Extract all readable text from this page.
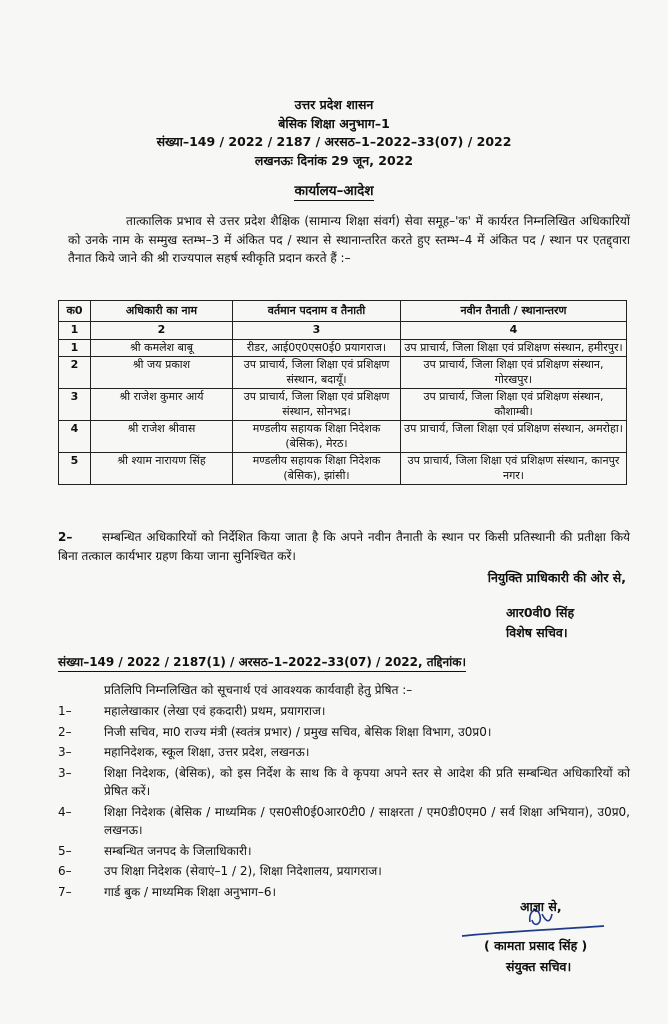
उत्तर प्रदेश शासन
बेसिक शिक्षा अनुभाग–1
संख्या–149 / 2022 / 2187 / अरसठ–1–2022–33(07) / 2022
लखनऊः दिनांक 29 जून, 2022
कार्यालय–आदेश
तात्कालिक प्रभाव से उत्तर प्रदेश शैक्षिक (सामान्य शिक्षा संवर्ग) सेवा समूह–'क' में कार्यरत निम्नलिखित अधिकारियों को उनके नाम के सम्मुख स्तम्भ–3 में अंकित पद / स्थान से स्थानान्तरित करते हुए स्तम्भ–4 में अंकित पद / स्थान पर एतद्द्वारा तैनात किये जाने की श्री राज्यपाल सहर्ष स्वीकृति प्रदान करते हैं :–
क0	अधिकारी का नाम	वर्तमान पदनाम व तैनाती	नवीन तैनाती / स्थानान्तरण
1	2	3	4
1	श्री कमलेश बाबू	रीडर, आई0ए0एस0ई0 प्रयागराज।	उप प्राचार्य, जिला शिक्षा एवं प्रशिक्षण संस्थान, हमीरपुर।
2	श्री जय प्रकाश	उप प्राचार्य, जिला शिक्षा एवं प्रशिक्षण संस्थान, बदायूँ।	उप प्राचार्य, जिला शिक्षा एवं प्रशिक्षण संस्थान, गोरखपुर।
3	श्री राजेश कुमार आर्य	उप प्राचार्य, जिला शिक्षा एवं प्रशिक्षण संस्थान, सोनभद्र।	उप प्राचार्य, जिला शिक्षा एवं प्रशिक्षण संस्थान, कौशाम्बी।
4	श्री राजेश श्रीवास	मण्डलीय सहायक शिक्षा निदेशक (बेसिक), मेरठ।	उप प्राचार्य, जिला शिक्षा एवं प्रशिक्षण संस्थान, अमरोहा।
5	श्री श्याम नारायण सिंह	मण्डलीय सहायक शिक्षा निदेशक (बेसिक), झांसी।	उप प्राचार्य, जिला शिक्षा एवं प्रशिक्षण संस्थान, कानपुर नगर।
2– सम्बन्धित अधिकारियों को निर्देशित किया जाता है कि अपने नवीन तैनाती के स्थान पर किसी प्रतिस्थानी की प्रतीक्षा किये बिना तत्काल कार्यभार ग्रहण किया जाना सुनिश्चित करें।
नियुक्ति प्राधिकारी की ओर से,
आर0वी0 सिंह
विशेष सचिव।
संख्या–149 / 2022 / 2187(1) / अरसठ–1–2022–33(07) / 2022, तद्दिनांक।
प्रतिलिपि निम्नलिखित को सूचनार्थ एवं आवश्यक कार्यवाही हेतु प्रेषित :–
1–	महालेखाकार (लेखा एवं हकदारी) प्रथम, प्रयागराज।
2–	निजी सचिव, मा0 राज्य मंत्री (स्वतंत्र प्रभार) / प्रमुख सचिव, बेसिक शिक्षा विभाग, उ0प्र0।
3–	महानिदेशक, स्कूल शिक्षा, उत्तर प्रदेश, लखनऊ।
3–	शिक्षा निदेशक, (बेसिक), को इस निर्देश के साथ कि वे कृपया अपने स्तर से आदेश की प्रति सम्बन्धित अधिकारियों को प्रेषित करें।
4–	शिक्षा निदेशक (बेसिक / माध्यमिक / एस0सी0ई0आर0टी0 / साक्षरता / एम0डी0एम0 / सर्व शिक्षा अभियान), उ0प्र0, लखनऊ।
5–	सम्बन्धित जनपद के जिलाधिकारी।
6–	उप शिक्षा निदेशक (सेवाएं–1 / 2), शिक्षा निदेशालय, प्रयागराज।
7–	गार्ड बुक / माध्यमिक शिक्षा अनुभाग–6।
आज्ञा से,
( कामता प्रसाद सिंह )
संयुक्त सचिव।
